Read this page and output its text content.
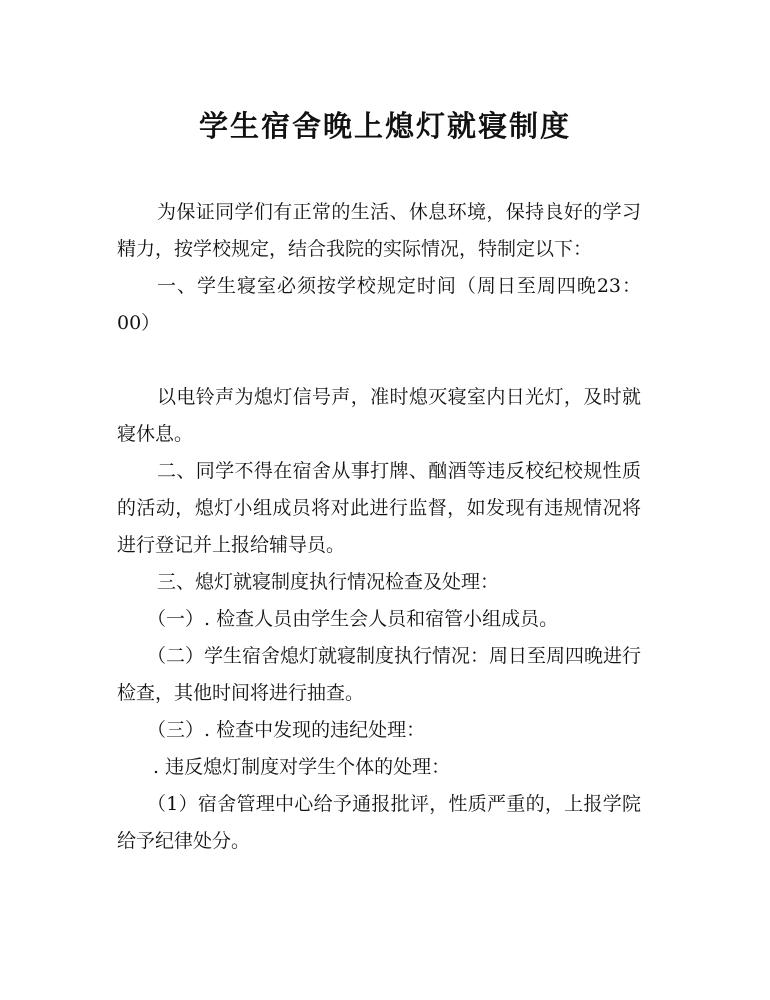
学生宿舍晚上熄灯就寝制度

为保证同学们有正常的生活、休息环境，保持良好的学习精力，按学校规定，结合我院的实际情况，特制定以下：

一、学生寝室必须按学校规定时间（周日至周四晚23：00）

以电铃声为熄灯信号声，准时熄灭寝室内日光灯，及时就寝休息。

二、同学不得在宿舍从事打牌、酗酒等违反校纪校规性质的活动，熄灯小组成员将对此进行监督，如发现有违规情况将进行登记并上报给辅导员。

三、熄灯就寝制度执行情况检查及处理：

（一）. 检查人员由学生会人员和宿管小组成员。

（二）学生宿舍熄灯就寝制度执行情况：周日至周四晚进行检查，其他时间将进行抽查。

（三）. 检查中发现的违纪处理：

. 违反熄灯制度对学生个体的处理：

（1）宿舍管理中心给予通报批评，性质严重的，上报学院给予纪律处分。
